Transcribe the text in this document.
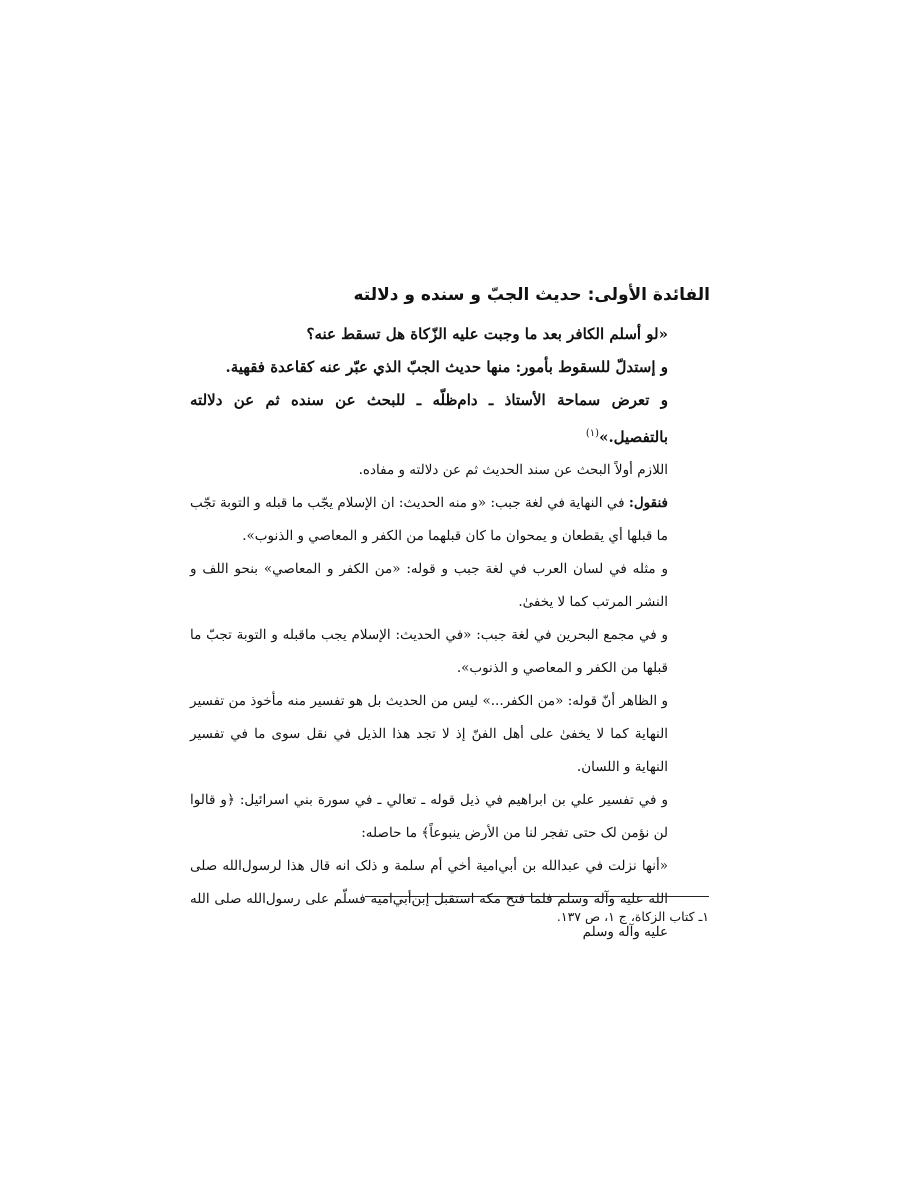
الفائدة الأولى: حديث الجبّ و سنده و دلالته

«لو أسلم الكافر بعد ما وجبت عليه الزّكاة هل تسقط عنه؟

و إستدلّ للسقوط بأمور: منها حديث الجبّ الذي عبّر عنه كقاعدة فقهية.

و تعرض سماحة الأستاذ ـ دام‌ظلّه ـ للبحث عن سنده ثم عن دلالته بالتفصيل.»$^{(١)}$

اللازم أولاً البحث عن سند الحديث ثم عن دلالته و مفاده.

فنقول: في النهاية في لغة جبب: «و منه الحديث: ان الإسلام يجّب ما قبله و التوبة تجّب ما قبلها أي يقطعان و يمحوان ما كان قبلهما من الكفر و المعاصي و الذنوب».

و مثله في لسان العرب في لغة جبب و قوله: «من الكفر و المعاصي» بنحو اللف و النشر المرتب كما لا يخفىٰ.

و في مجمع البحرين في لغة جبب: «في الحديث: الإسلام يجب ماقبله و التوبة تجبّ ما قبلها من الكفر و المعاصي و الذنوب».

و الظاهر أنّ قوله: «من الكفر...» ليس من الحديث بل هو تفسير منه مأخوذ من تفسير النهاية كما لا يخفىٰ على أهل الفنّ إذ لا تجد هذا الذيل في نقل سوى ما في تفسير النهاية و اللسان.

و في تفسير علي بن ابراهيم في ذيل قوله ـ تعالي ـ في سورة بني اسرائيل: ﴿و قالوا لن نؤمن لک حتى تفجر لنا من الأرض ينبوعاً﴾ ما حاصله:

«أنها نزلت في عبدالله بن أبي‌امية أخي أم سلمة و ذلک انه قال هذا لرسول‌الله صلى الله عليه وآله وسلم فلما فتح مكة استقبل إبن‌أبي‌امية فسلّم على رسول‌الله صلى الله عليه وآله وسلم

١ـ كتاب الزكاة، ج ١، ص ١٣٧.
